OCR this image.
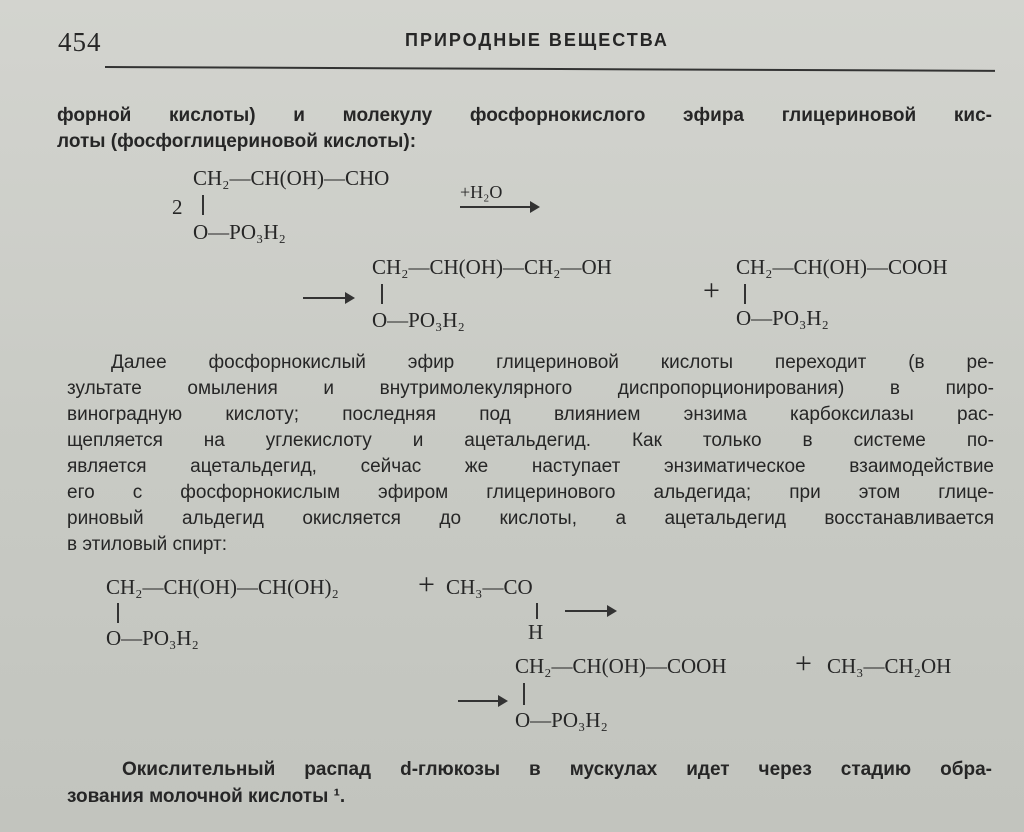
454	ПРИРОДНЫЕ ВЕЩЕСТВА
форной кислоты) и молекулу фосфорнокислого эфира глицериновой кис-
лоты (фосфоглицериновой кислоты):
2
CH₂—CH(OH)—CHO
O—PO₃H₂
+H₂O
CH₂—CH(OH)—CH₂—OH
O—PO₃H₂
+
CH₂—CH(OH)—COOH
O—PO₃H₂
Далее фосфорнокислый эфир глицериновой кислоты переходит (в ре-
зультате омыления и внутримолекулярного диспропорционирования) в пиро-
виноградную кислоту; последняя под влиянием энзима карбоксилазы рас-
щепляется на углекислоту и ацетальдегид. Как только в системе по-
является ацетальдегид, сейчас же наступает энзиматическое взаимодействие
его с фосфорнокислым эфиром глицеринового альдегида; при этом глице-
риновый альдегид окисляется до кислоты, а ацетальдегид восстанавливается
в этиловый спирт:
CH₂—CH(OH)—CH(OH)₂	+ CH₃—CO
H
O—PO₃H₂
CH₂—CH(OH)—COOH + CH₃—CH₂OH
O—PO₃H₂
Окислительный распад d-глюкозы в мускулах идет через стадию обра-
зования молочной кислоты ¹.
